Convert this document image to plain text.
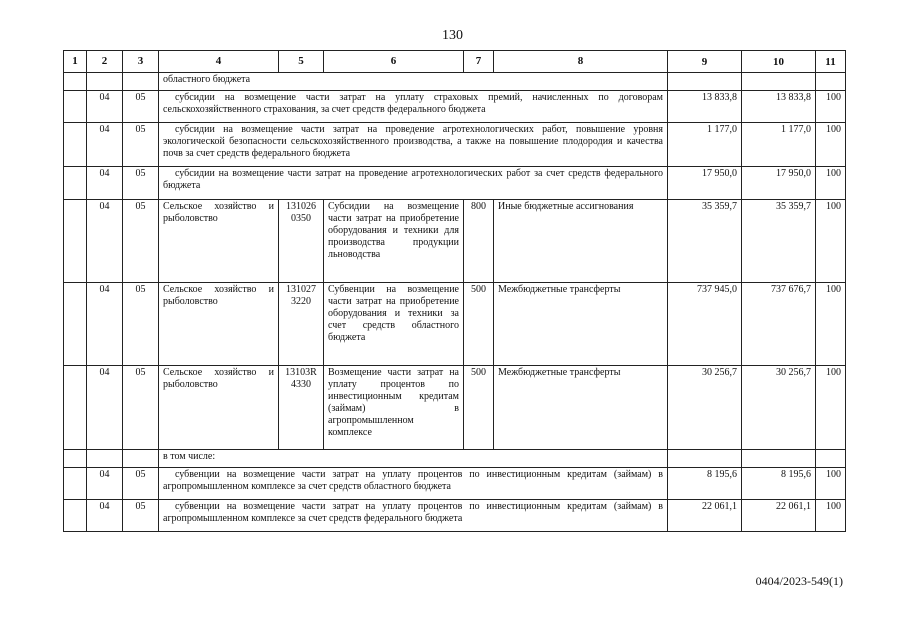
130
1	2	3	4	5	6	7	8	9	10	11
			областного бюджета							
	04	05	субсидии на возмещение части затрат на уплату страховых премий, начисленных по договорам сельскохозяйственного страхования, за счет средств федерального бюджета					13 833,8	13 833,8	100
	04	05	субсидии на возмещение части затрат на проведение агротехнологических работ, повышение уровня экологической безопасности сельскохозяйственного производства, а также на повышение плодородия и качества почв за счет средств федерального бюджета					1 177,0	1 177,0	100
	04	05	субсидии на возмещение части затрат на проведение агротехнологических работ за счет средств федерального бюджета					17 950,0	17 950,0	100
	04	05	Сельское хозяйство и рыболовство	131026 0350	Субсидии на возмещение части затрат на приобретение оборудования и техники для производства продукции льноводства	800	Иные бюджетные ассигнования	35 359,7	35 359,7	100
	04	05	Сельское хозяйство и рыболовство	131027 3220	Субвенции на возмещение части затрат на приобретение оборудования и техники за счет средств областного бюджета	500	Межбюджетные трансферты	737 945,0	737 676,7	100
	04	05	Сельское хозяйство и рыболовство	13103R 4330	Возмещение части затрат на уплату процентов по инвестиционным кредитам (займам) в агропромышленном комплексе	500	Межбюджетные трансферты	30 256,7	30 256,7	100
			в том числе:							
	04	05	субвенции на возмещение части затрат на уплату процентов по инвестиционным кредитам (займам) в агропромышленном комплексе за счет средств областного бюджета					8 195,6	8 195,6	100
	04	05	субвенции на возмещение части затрат на уплату процентов по инвестиционным кредитам (займам) в агропромышленном комплексе за счет средств федерального бюджета					22 061,1	22 061,1	100
0404/2023-549(1)
